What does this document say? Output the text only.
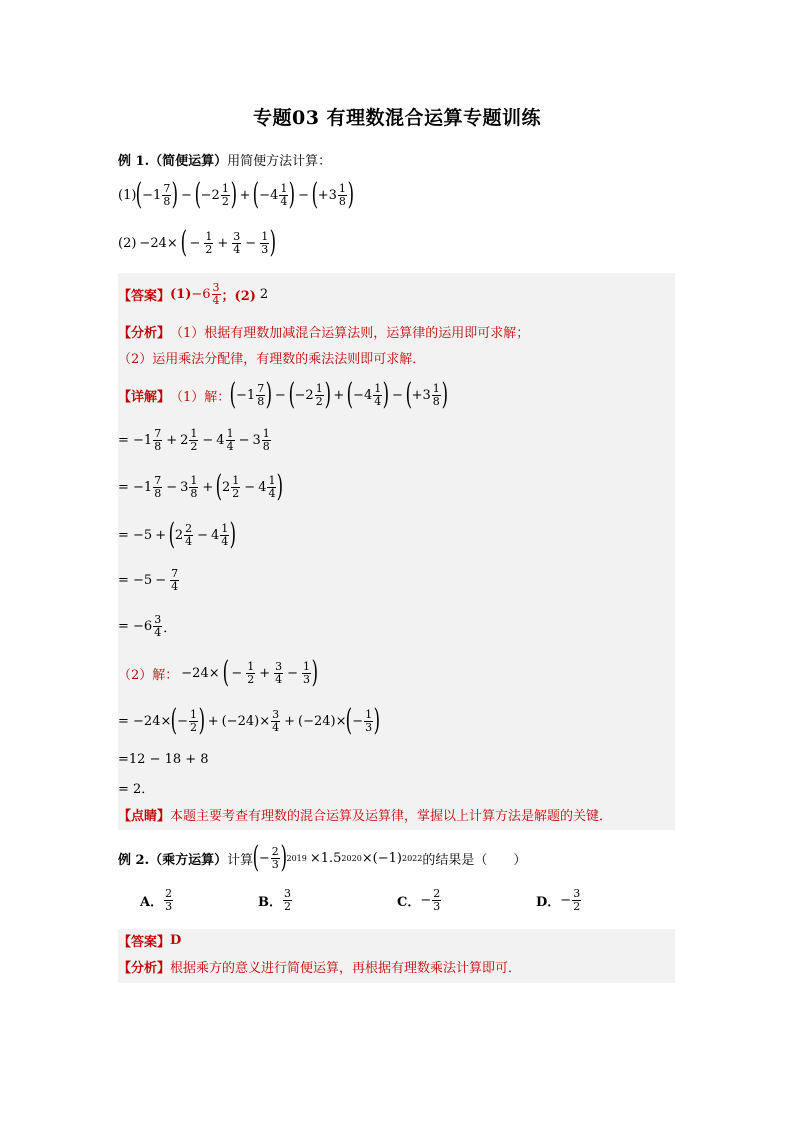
专题03 有理数混合运算专题训练
例 1. （简便运算） 用简便方法计算：
(1) ( $-1 \frac{7}{8}$ ) − ( $-2 \frac{1}{2}$ ) + ( $-4 \frac{1}{4}$ ) − ( $+3 \frac{1}{8}$ )
(2) −24× ( − $\frac{1}{2} + \frac{3}{4} - \frac{1}{3}$ )
【答案】 $(1) -6 \frac{3}{4}$ ；(2) 2
【分析】 （1）根据有理数加减混合运算法则，运算律的运用即可求解；
（2）运用乘法分配律，有理数的乘法法则即可求解．
【详解】 （1）解： ( $-1 \frac{7}{8}$ ) − ( $-2 \frac{1}{2}$ ) + ( $-4 \frac{1}{4}$ ) − ( $+3 \frac{1}{8}$ )
= $-1 \frac{7}{8} + 2 \frac{1}{2} - 4 \frac{1}{4} - 3 \frac{1}{8}$
= $-1 \frac{7}{8} - 3 \frac{1}{8}$ + ( $2 \frac{1}{2} - 4 \frac{1}{4}$ )
= −5 + ( $2 \frac{2}{4} - 4 \frac{1}{4}$ )
= $-5 - \frac{7}{4}$
= $-6 \frac{3}{4}$ ．
（2）解： −24× ( − $\frac{1}{2} + \frac{3}{4} - \frac{1}{3}$ )
= −24× ( − $\frac{1}{2}$ ) + $(-24)\times \frac{3}{4} + (-24)\times$ ( − $\frac{1}{3}$ )
=12 − 18 + 8
= 2．
【点睛】 本题主要考查有理数的混合运算及运算律，掌握以上计算方法是解题的关键．
例 2. （乘方运算） 计算 ( − $\frac{2}{3}$ ) 2019 ×1.5 2020 ×(−1) 2022 的结果是（　　）
A． $\frac{2}{3}$	B． $\frac{3}{2}$	C． − $\frac{2}{3}$	D． − $\frac{3}{2}$
【答案】 D
【分析】 根据乘方的意义进行简便运算，再根据有理数乘法计算即可．
